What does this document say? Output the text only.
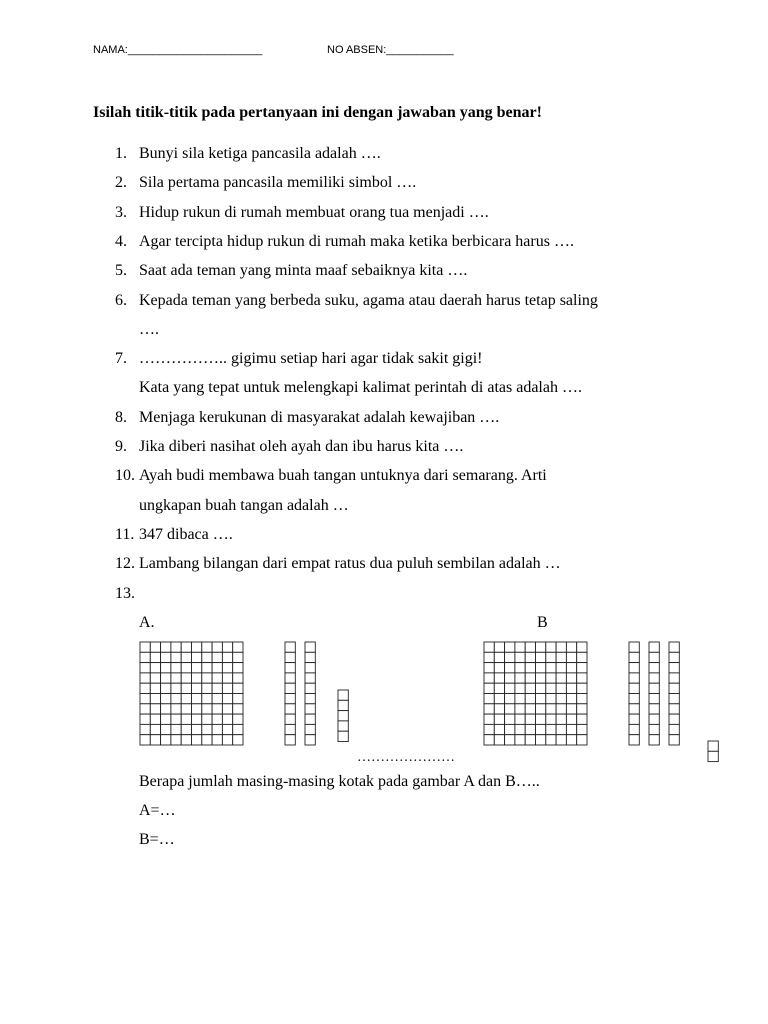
NAMA:______________________	NO ABSEN:___________
Isilah titik-titik pada pertanyaan ini dengan jawaban yang benar!
1. Bunyi sila ketiga pancasila adalah ….
2. Sila pertama pancasila memiliki simbol ….
3. Hidup rukun di rumah membuat orang tua menjadi ….
4. Agar tercipta hidup rukun di rumah maka ketika berbicara harus ….
5. Saat ada teman yang minta maaf sebaiknya kita ….
6. Kepada teman yang berbeda suku, agama atau daerah harus tetap saling
….
7. …………….. gigimu setiap hari agar tidak sakit gigi!
Kata yang tepat untuk melengkapi kalimat perintah di atas adalah ….
8. Menjaga kerukunan di masyarakat adalah kewajiban ….
9. Jika diberi nasihat oleh ayah dan ibu harus kita ….
10. Ayah budi membawa buah tangan untuknya dari semarang. Arti
ungkapan buah tangan adalah …
11. 347 dibaca ….
12. Lambang bilangan dari empat ratus dua puluh sembilan adalah …
13.
A.	B
…………………
Berapa jumlah masing-masing kotak pada gambar A dan B…..
A=…
B=…
